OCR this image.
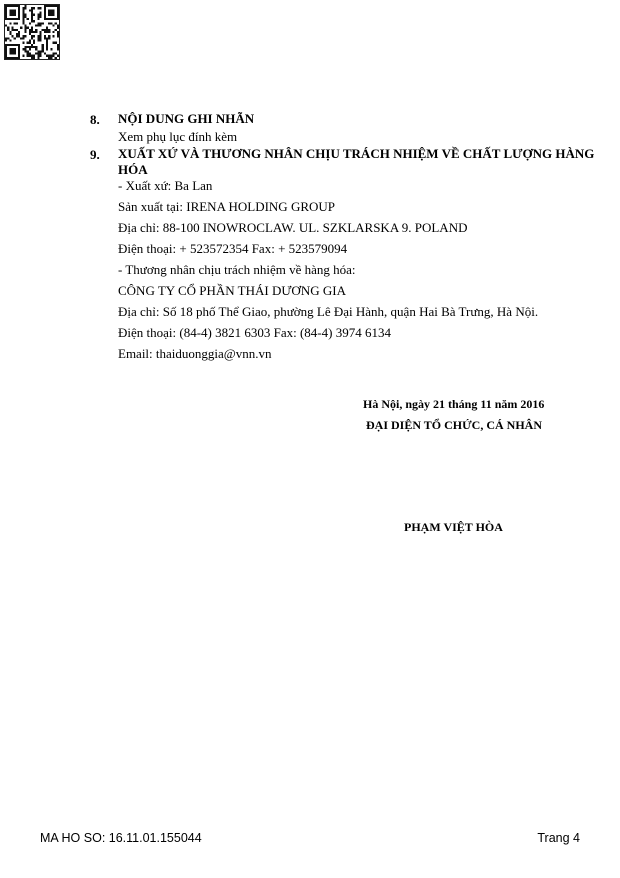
8. NỘI DUNG GHI NHÃN
Xem phụ lục đính kèm
9. XUẤT XỨ VÀ THƯƠNG NHÂN CHỊU TRÁCH NHIỆM VỀ CHẤT LƯỢNG HÀNG HÓA
- Xuất xứ: Ba Lan
Sản xuất tại: IRENA HOLDING GROUP
Địa chỉ: 88-100 INOWROCLAW. UL. SZKLARSKA 9. POLAND
Điện thoại: + 523572354 Fax: + 523579094
- Thương nhân chịu trách nhiệm về hàng hóa:
CÔNG TY CỔ PHẦN THÁI DƯƠNG GIA
Địa chỉ: Số 18 phố Thể Giao, phường Lê Đại Hành, quận Hai Bà Trưng, Hà Nội.
Điện thoại: (84-4) 3821 6303 Fax: (84-4) 3974 6134
Email: thaiduonggia@vnn.vn
Hà Nội, ngày 21 tháng 11 năm 2016
ĐẠI DIỆN TỔ CHỨC, CÁ NHÂN
PHẠM VIỆT HÒA
MA HO SO: 16.11.01.155044	Trang 4
